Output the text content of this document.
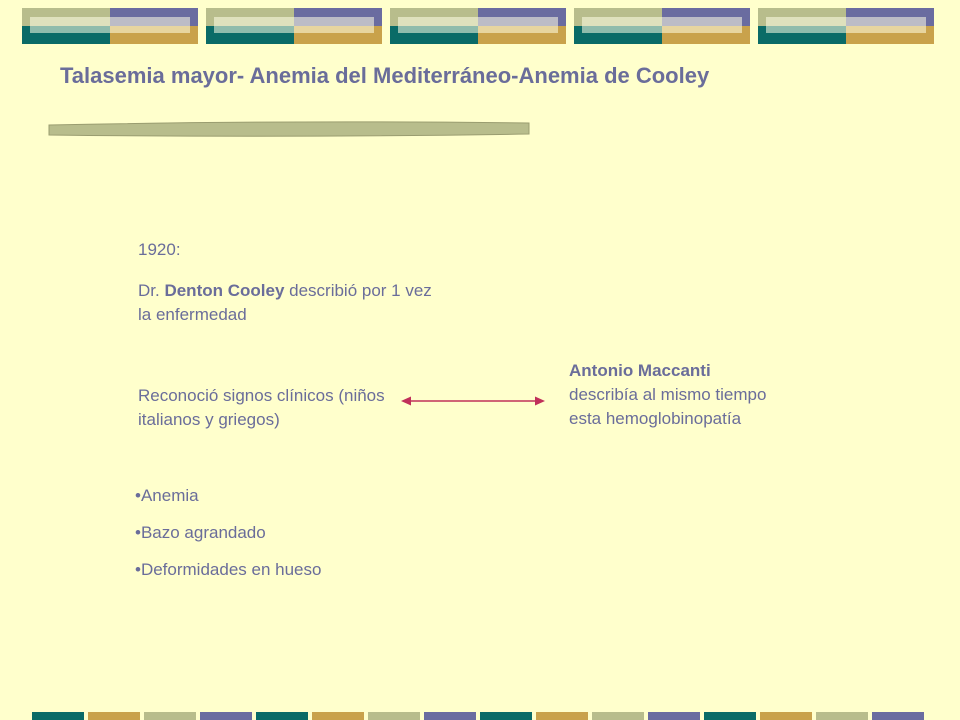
Talasemia mayor- Anemia del Mediterráneo-Anemia de Cooley

1920:

Dr. Denton Cooley describió por 1 vez la enfermedad

Reconoció signos clínicos (niños italianos y griegos)

Antonio Maccanti describía al mismo tiempo esta hemoglobinopatía

•Anemia
•Bazo agrandado
•Deformidades en hueso
